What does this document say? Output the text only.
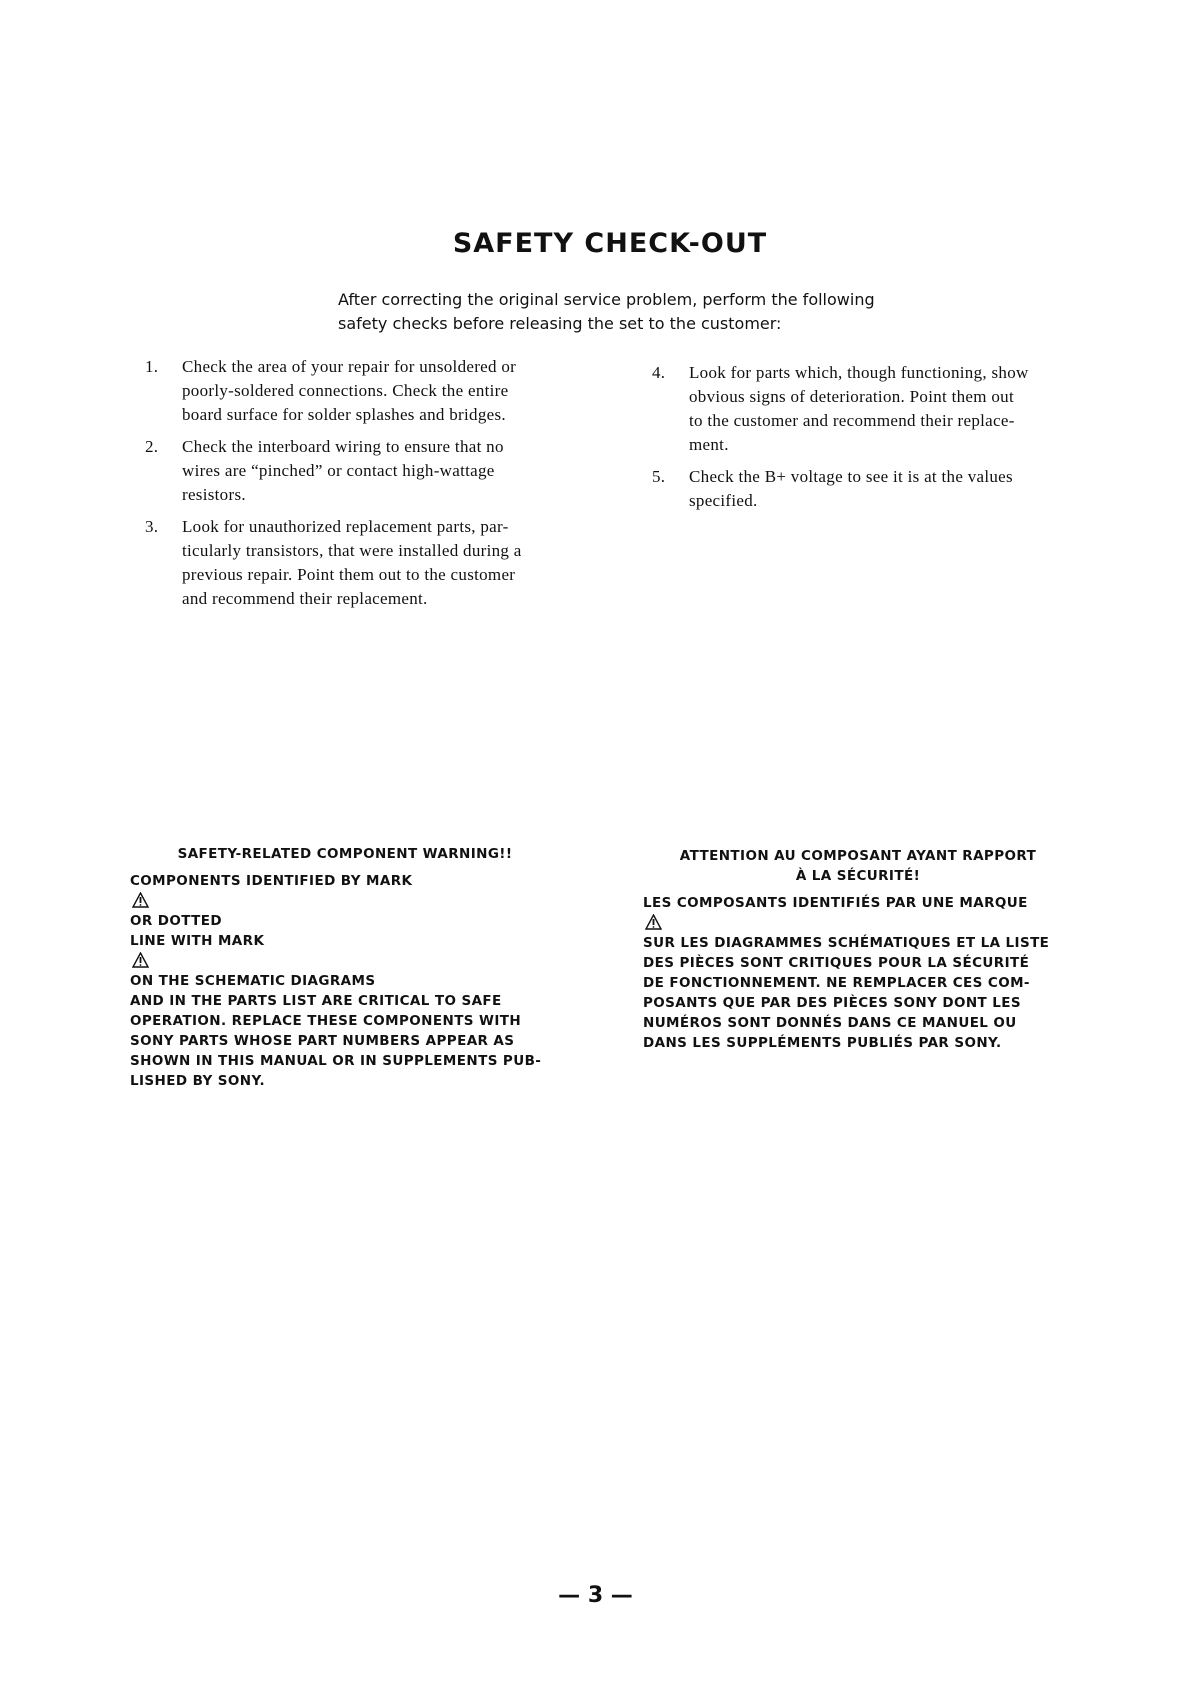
SAFETY CHECK-OUT
After correcting the original service problem, perform the following
safety checks before releasing the set to the customer:
1. Check the area of your repair for unsoldered or
poorly-soldered connections. Check the entire
board surface for solder splashes and bridges.
2. Check the interboard wiring to ensure that no
wires are “pinched” or contact high-wattage
resistors.
3. Look for unauthorized replacement parts, par-
ticularly transistors, that were installed during a
previous repair. Point them out to the customer
and recommend their replacement.
4. Look for parts which, though functioning, show
obvious signs of deterioration. Point them out
to the customer and recommend their replace-
ment.
5. Check the B+ voltage to see it is at the values
specified.
SAFETY-RELATED COMPONENT WARNING!!
COMPONENTS IDENTIFIED BY MARK
OR DOTTED
LINE WITH MARK
ON THE SCHEMATIC DIAGRAMS
AND IN THE PARTS LIST ARE CRITICAL TO SAFE
OPERATION. REPLACE THESE COMPONENTS WITH
SONY PARTS WHOSE PART NUMBERS APPEAR AS
SHOWN IN THIS MANUAL OR IN SUPPLEMENTS PUB-
LISHED BY SONY.
ATTENTION AU COMPOSANT AYANT RAPPORT
À LA SÉCURITÉ!
LES COMPOSANTS IDENTIFIÉS PAR UNE MARQUE
SUR LES DIAGRAMMES SCHÉMATIQUES ET LA LISTE
DES PIÈCES SONT CRITIQUES POUR LA SÉCURITÉ
DE FONCTIONNEMENT. NE REMPLACER CES COM-
POSANTS QUE PAR DES PIÈCES SONY DONT LES
NUMÉROS SONT DONNÉS DANS CE MANUEL OU
DANS LES SUPPLÉMENTS PUBLIÉS PAR SONY.
— 3 —
